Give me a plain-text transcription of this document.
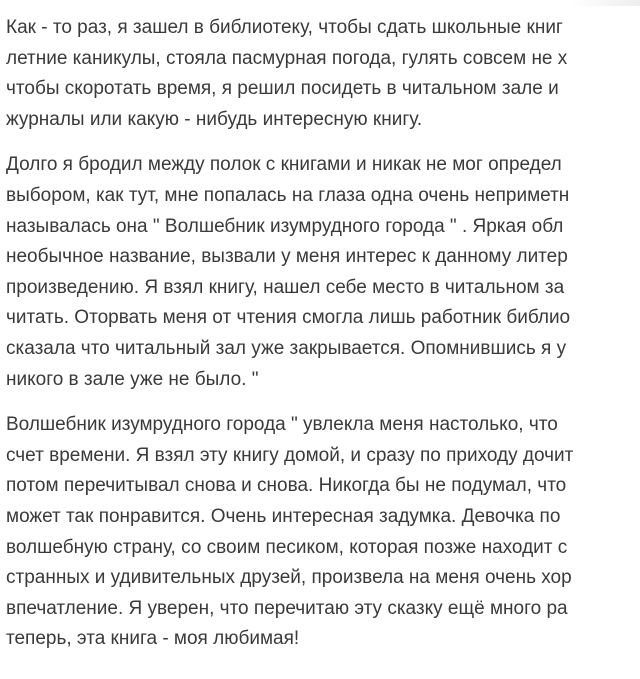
Как - то раз, я зашел в библиотеку, чтобы сдать школьные книг
летние каникулы, стояла пасмурная погода, гулять совсем не х
чтобы скоротать время, я решил посидеть в читальном зале и
журналы или какую - нибудь интересную книгу.
Долго я бродил между полок с книгами и никак не мог определ
выбором, как тут, мне попалась на глаза одна очень неприметн
называлась она " Волшебник изумрудного города " . Яркая обл
необычное название, вызвали у меня интерес к данному литер
произведению. Я взял книгу, нашел себе место в читальном за
читать. Оторвать меня от чтения смогла лишь работник библио
сказала что читальный зал уже закрывается. Опомнившись я у
никого в зале уже не было. "
Волшебник изумрудного города " увлекла меня настолько, что
счет времени. Я взял эту книгу домой, и сразу по приходу дочит
потом перечитывал снова и снова. Никогда бы не подумал, что
может так понравится. Очень интересная задумка. Девочка по
волшебную страну, со своим песиком, которая позже находит с
странных и удивительных друзей, произвела на меня очень хор
впечатление. Я уверен, что перечитаю эту сказку ещё много ра
теперь, эта книга - моя любимая!
